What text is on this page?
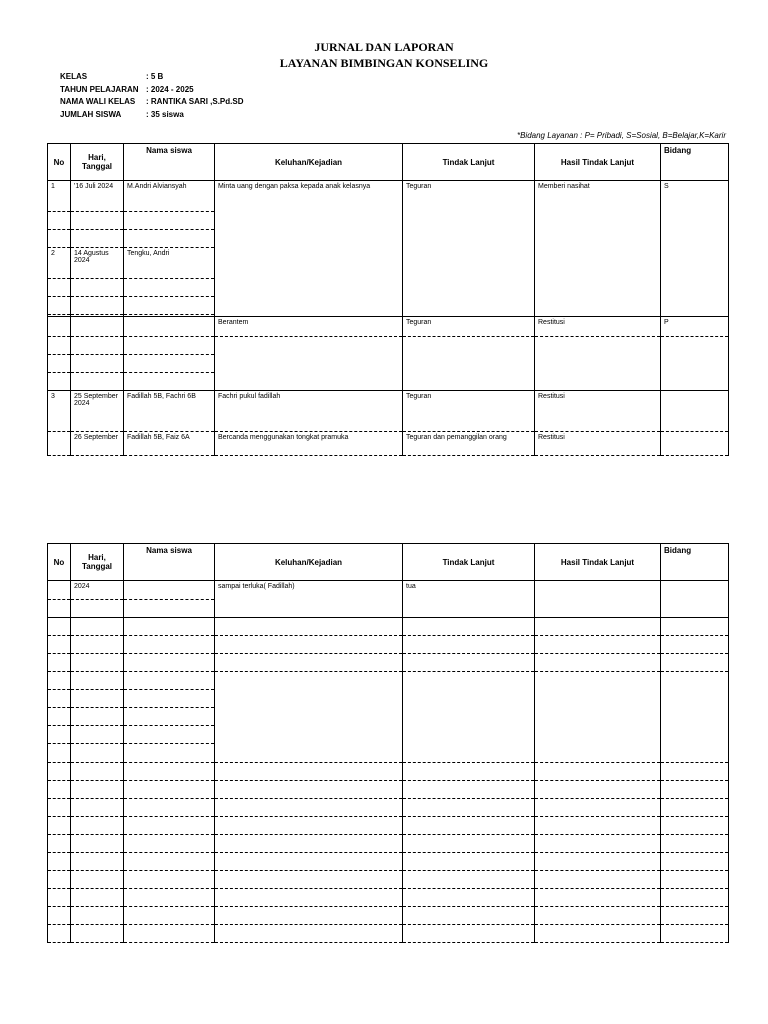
JURNAL DAN LAPORAN
LAYANAN BIMBINGAN KONSELING
KELAS	: 5 B
TAHUN PELAJARAN : 2024 - 2025
NAMA WALI KELAS : RANTIKA SARI ,S.Pd.SD
JUMLAH SISWA	: 35 siswa
*Bidang Layanan : P= Pribadi, S=Sosial, B=Belajar,K=Karir
No	Hari, Tanggal	Nama siswa	Keluhan/Kejadian	Tindak Lanjut	Hasil Tindak Lanjut	Bidang
1	'16 Juli 2024	M.Andri Alviansyah	Minta uang dengan paksa kepada anak kelasnya	Teguran	Memberi nasihat	S

2	14 Agustus 2024	Tengku, Andri				

			Berantem	Teguran	Restitusi	P

3	25 September 2024	Fadillah 5B, Fachri 6B	Fachri pukul fadillah	Teguran	Restitusi	
	26 September	Fadillah 5B, Faiz 6A	Bercanda menggunakan tongkat pramuka	Teguran dan pemanggilan orang	Restitusi	
No	Hari, Tanggal	Nama siswa	Keluhan/Kejadian	Tindak Lanjut	Hasil Tindak Lanjut	Bidang
	2024		sampai terluka( Fadillah)	tua		
